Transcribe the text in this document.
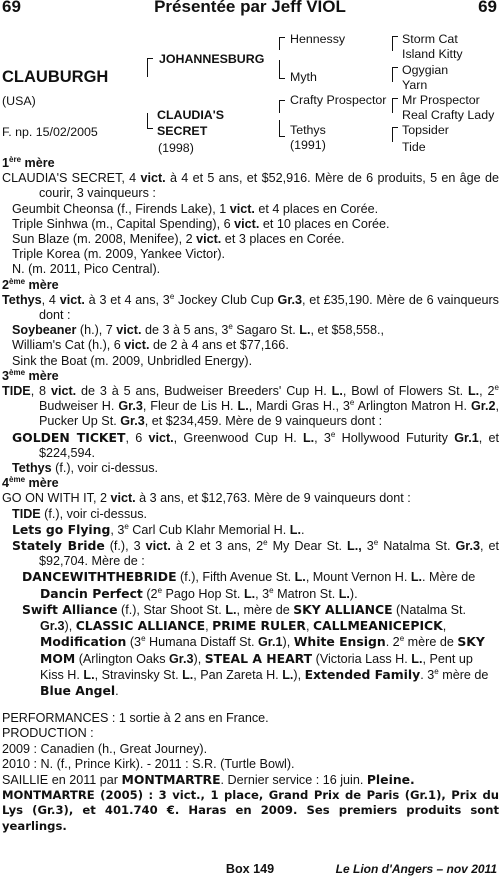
69	Présentée par Jeff VIOL	69
CLAUBURGH
(USA)
F. np. 15/02/2005
JOHANNESBURG
CLAUDIA'S
SECRET
(1998)
Hennessy
Myth
Crafty Prospector
Tethys
(1991)
Storm Cat
Island Kitty
Ogygian
Yarn
Mr Prospector
Real Crafty Lady
Topsider
Tide

1ère mère

CLAUDIA'S SECRET, 4 vict. à 4 et 5 ans, et $52,916. Mère de 6 produits, 5 en âge de courir, 3 vainqueurs :

Geumbit Cheonsa (f., Firends Lake), 1 vict. et 4 places en Corée.

Triple Sinhwa (m., Capital Spending), 6 vict. et 10 places en Corée.

Sun Blaze (m. 2008, Menifee), 2 vict. et 3 places en Corée.

Triple Korea (m. 2009, Yankee Victor).

N. (m. 2011, Pico Central).

2ème mère

Tethys, 4 vict. à 3 et 4 ans, 3e Jockey Club Cup Gr.3, et £35,190. Mère de 6 vainqueurs dont :

Soybeaner (h.), 7 vict. de 3 à 5 ans, 3e Sagaro St. L., et $58,558.,

William's Cat (h.), 6 vict. de 2 à 4 ans et $77,166.

Sink the Boat (m. 2009, Unbridled Energy).

3ème mère

TIDE, 8 vict. de 3 à 5 ans, Budweiser Breeders' Cup H. L., Bowl of Flowers St. L., 2e Budweiser H. Gr.3, Fleur de Lis H. L., Mardi Gras H., 3e Arlington Matron H. Gr.2, Pucker Up St. Gr.3, et $234,459. Mère de 9 vainqueurs dont :

GOLDEN TICKET, 6 vict., Greenwood Cup H. L., 3e Hollywood Futurity Gr.1, et $224,594.

Tethys (f.), voir ci-dessus.

4ème mère

GO ON WITH IT, 2 vict. à 3 ans, et $12,763. Mère de 9 vainqueurs dont :

TIDE (f.), voir ci-dessus.

Lets go Flying, 3e Carl Cub Klahr Memorial H. L..

Stately Bride (f.), 3 vict. à 2 et 3 ans, 2e My Dear St. L., 3e Natalma St. Gr.3, et $92,704. Mère de :

DANCEWITHTHEBRIDE (f.), Fifth Avenue St. L., Mount Vernon H. L.. Mère de Dancin Perfect (2e Pago Hop St. L., 3e Matron St. L.).

Swift Alliance (f.), Star Shoot St. L., mère de SKY ALLIANCE (Natalma St. Gr.3), CLASSIC ALLIANCE, PRIME RULER, CALLMEANICEPICK, Modification (3e Humana Distaff St. Gr.1), White Ensign. 2e mère de SKY MOM (Arlington Oaks Gr.3), STEAL A HEART (Victoria Lass H. L., Pent up Kiss H. L., Stravinsky St. L., Pan Zareta H. L.), Extended Family. 3e mère de Blue Angel.

PERFORMANCES : 1 sortie à 2 ans en France.

PRODUCTION :

2009 : Canadien (h., Great Journey).

2010 : N. (f., Prince Kirk). - 2011 : S.R. (Turtle Bowl).

SAILLIE en 2011 par MONTMARTRE. Dernier service : 16 juin. Pleine.

MONTMARTRE (2005) : 3 vict., 1 place, Grand Prix de Paris (Gr.1), Prix du Lys (Gr.3), et 401.740 €. Haras en 2009. Ses premiers produits sont yearlings.

Box 149	Le Lion d'Angers – nov 2011
